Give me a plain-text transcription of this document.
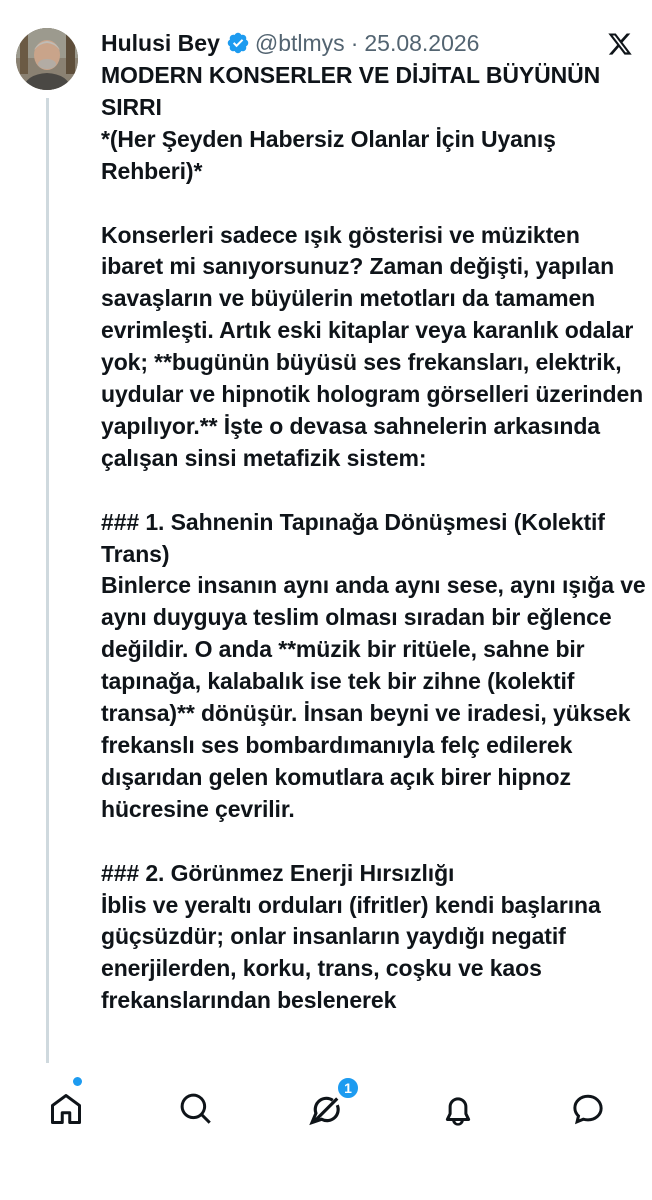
Hulusi Bey @btlmys · 25.08.2026

MODERN KONSERLER VE DİJİTAL BÜYÜNÜN SIRRI

*(Her Şeyden Habersiz Olanlar İçin Uyanış Rehberi)*

Konserleri sadece ışık gösterisi ve müzikten ibaret mi sanıyorsunuz? Zaman değişti, yapılan savaşların ve büyülerin metotları da tamamen evrimleşti. Artık eski kitaplar veya karanlık odalar yok; **bugünün büyüsü ses frekansları, elektrik, uydular ve hipnotik hologram görselleri üzerinden yapılıyor.** İşte o devasa sahnelerin arkasında çalışan sinsi metafizik sistem:

### 1. Sahnenin Tapınağa Dönüşmesi (Kolektif Trans)

Binlerce insanın aynı anda aynı sese, aynı ışığa ve aynı duyguya teslim olması sıradan bir eğlence değildir. O anda **müzik bir ritüele, sahne bir tapınağa, kalabalık ise tek bir zihne (kolektif transa)** dönüşür. İnsan beyni ve iradesi, yüksek frekanslı ses bombardımanıyla felç edilerek dışarıdan gelen komutlara açık birer hipnoz hücresine çevrilir.

### 2. Görünmez Enerji Hırsızlığı

İblis ve yeraltı orduları (ifritler) kendi başlarına güçsüzdür; onlar insanların yaydığı negatif enerjilerden, korku, trans, coşku ve kaos frekanslarından beslenerek

1
